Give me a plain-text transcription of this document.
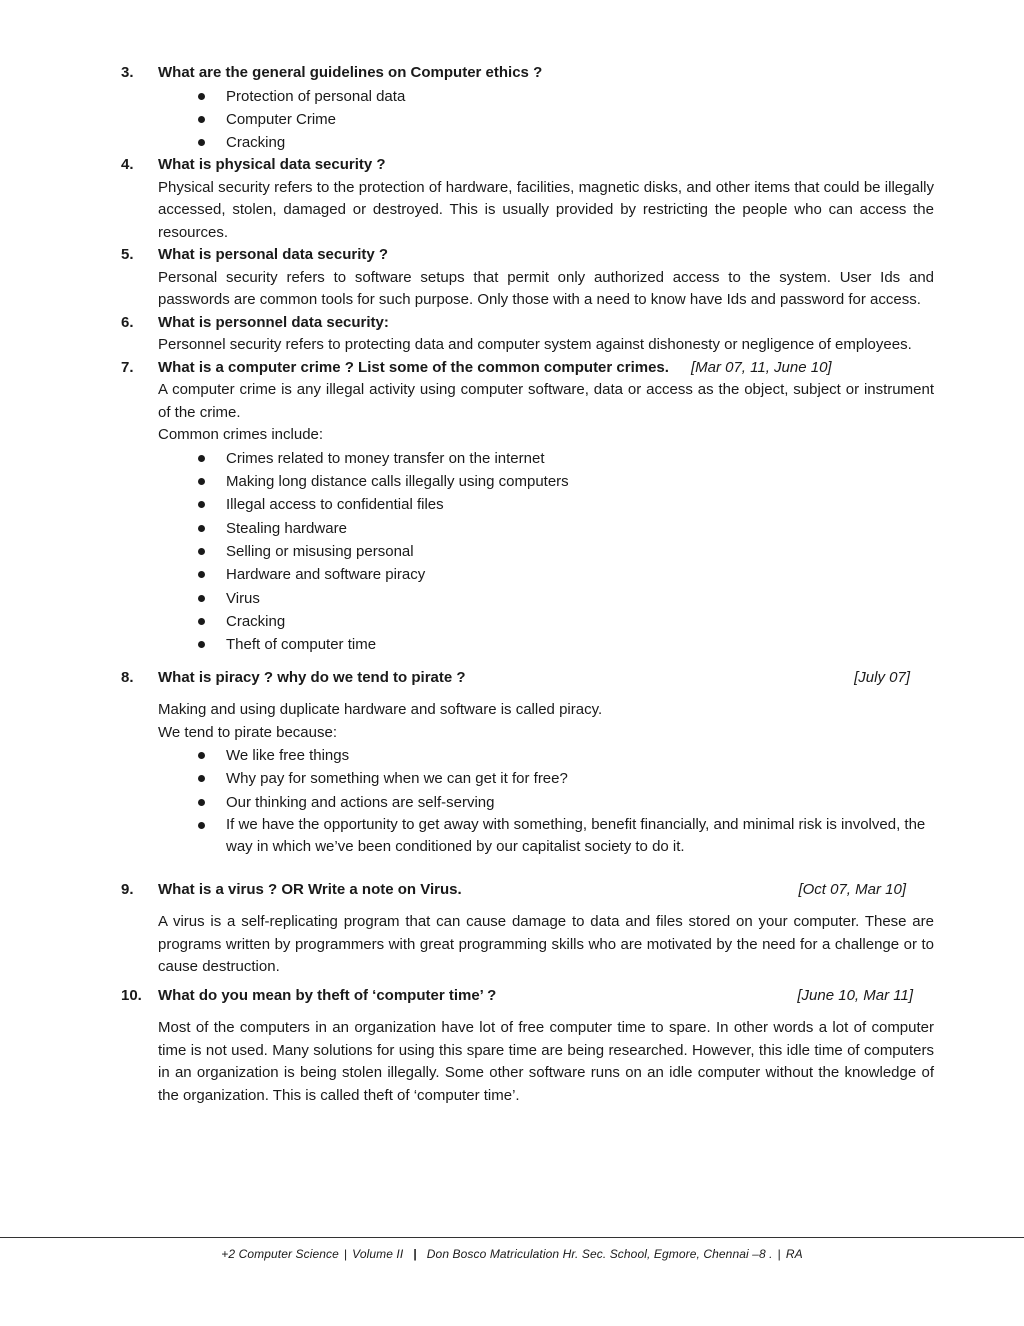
3. What are the general guidelines on Computer ethics ?
Protection of personal data
Computer Crime
Cracking
4. What is physical data security ?

Physical security refers to the protection of hardware, facilities, magnetic disks, and other items that could be illegally accessed, stolen, damaged or destroyed. This is usually provided by restricting the people who can access the resources.

5. What is personal data security ?

Personal security refers to software setups that permit only authorized access to the system. User Ids and passwords are common tools for such purpose. Only those with a need to know have Ids and password for access.

6. What is personnel data security:

Personnel security refers to protecting data and computer system against dishonesty or negligence of employees.

7. What is a computer crime ? List some of the common computer crimes. [Mar 07, 11, June 10]

A computer crime is any illegal activity using computer software, data or access as the object, subject or instrument of the crime.

Common crimes include:

Crimes related to money transfer on the internet
Making long distance calls illegally using computers
Illegal access to confidential files
Stealing hardware
Selling or misusing personal
Hardware and software piracy
Virus
Cracking
Theft of computer time
8. What is piracy ? why do we tend to pirate ?	[July 07]

Making and using duplicate hardware and software is called piracy.

We tend to pirate because:

We like free things
Why pay for something when we can get it for free?
Our thinking and actions are self-serving
If we have the opportunity to get away with something, benefit financially, and minimal risk is involved, the way in which we’ve been conditioned by our capitalist society to do it.
9. What is a virus ? OR Write a note on Virus.	[Oct 07, Mar 10]

A virus is a self-replicating program that can cause damage to data and files stored on your computer. These are programs written by programmers with great programming skills who are motivated by the need for a challenge or to cause destruction.

10. What do you mean by theft of ‘computer time’ ?	[June 10, Mar 11]

Most of the computers in an organization have lot of free computer time to spare. In other words a lot of computer time is not used. Many solutions for using this spare time are being researched. However, this idle time of computers in an organization is being stolen illegally. Some other software runs on an idle computer without the knowledge of the organization. This is called theft of ‘computer time’.

+2 Computer Science | Volume II | Don Bosco Matriculation Hr. Sec. School, Egmore, Chennai –8 . | RA
